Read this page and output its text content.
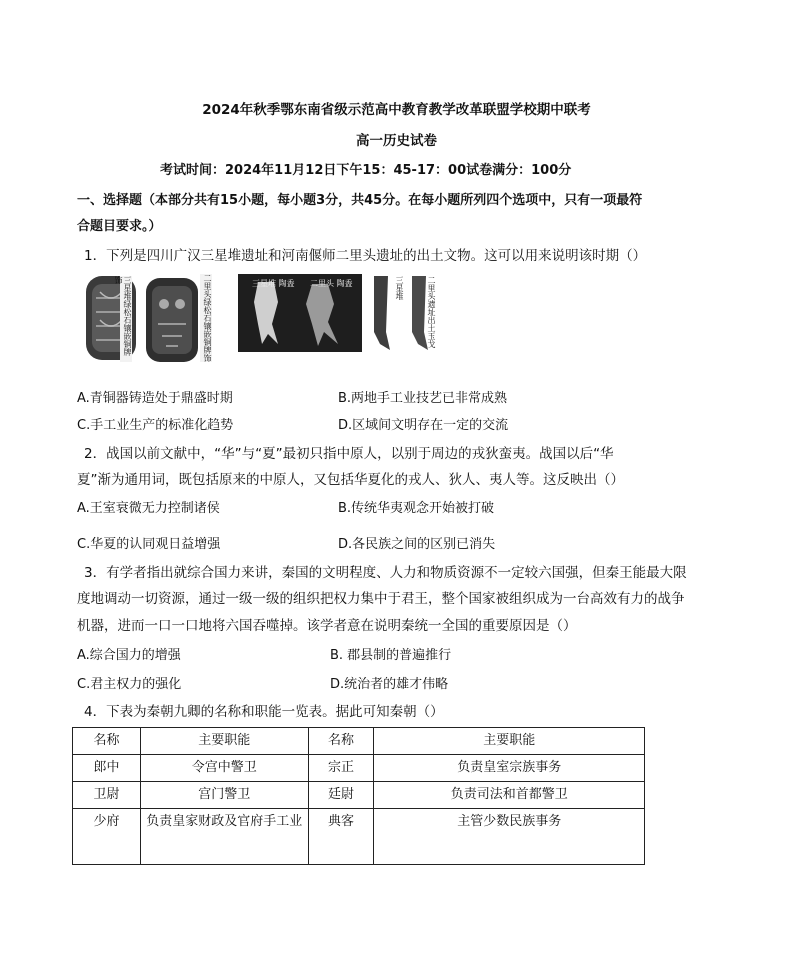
2024年秋季鄂东南省级示范高中教育教学改革联盟学校期中联考
高一历史试卷
考试时间：2024年11月12日下午15：45-17：00试卷满分：100分
一、选择题（本部分共有15小题，每小题3分，共45分。在每小题所列四个选项中，只有一项最符
合题目要求。）
1．下列是四川广汉三星堆遗址和河南偃师二里头遗址的出土文物。这可以用来说明该时期（）
三星堆绿松石镶嵌铜牌饰	二里头绿松石镶嵌铜牌饰	三星堆 陶盉 二里头 陶盉	三星堆	二里头遗址出土玉戈
A.青铜器铸造处于鼎盛时期	B.两地手工业技艺已非常成熟
C.手工业生产的标准化趋势	D.区域间文明存在一定的交流
2．战国以前文献中，“华”与“夏”最初只指中原人，以别于周边的戎狄蛮夷。战国以后“华
夏”渐为通用词，既包括原来的中原人，又包括华夏化的戎人、狄人、夷人等。这反映出（）
A.王室衰微无力控制诸侯	B.传统华夷观念开始被打破
C.华夏的认同观日益增强	D.各民族之间的区别已消失
3．有学者指出就综合国力来讲，秦国的文明程度、人力和物质资源不一定较六国强，但秦王能最大限
度地调动一切资源，通过一级一级的组织把权力集中于君王，整个国家被组织成为一台高效有力的战争
机器，进而一口一口地将六国吞噬掉。该学者意在说明秦统一全国的重要原因是（）
A.综合国力的增强	B. 郡县制的普遍推行
C.君主权力的强化	D.统治者的雄才伟略
4．下表为秦朝九卿的名称和职能一览表。据此可知秦朝（）
名称	主要职能	名称	主要职能
郎中	令宫中警卫	宗正	负责皇室宗族事务
卫尉	宫门警卫	廷尉	负责司法和首都警卫
少府	负责皇家财政及官府手工业	典客	主管少数民族事务
